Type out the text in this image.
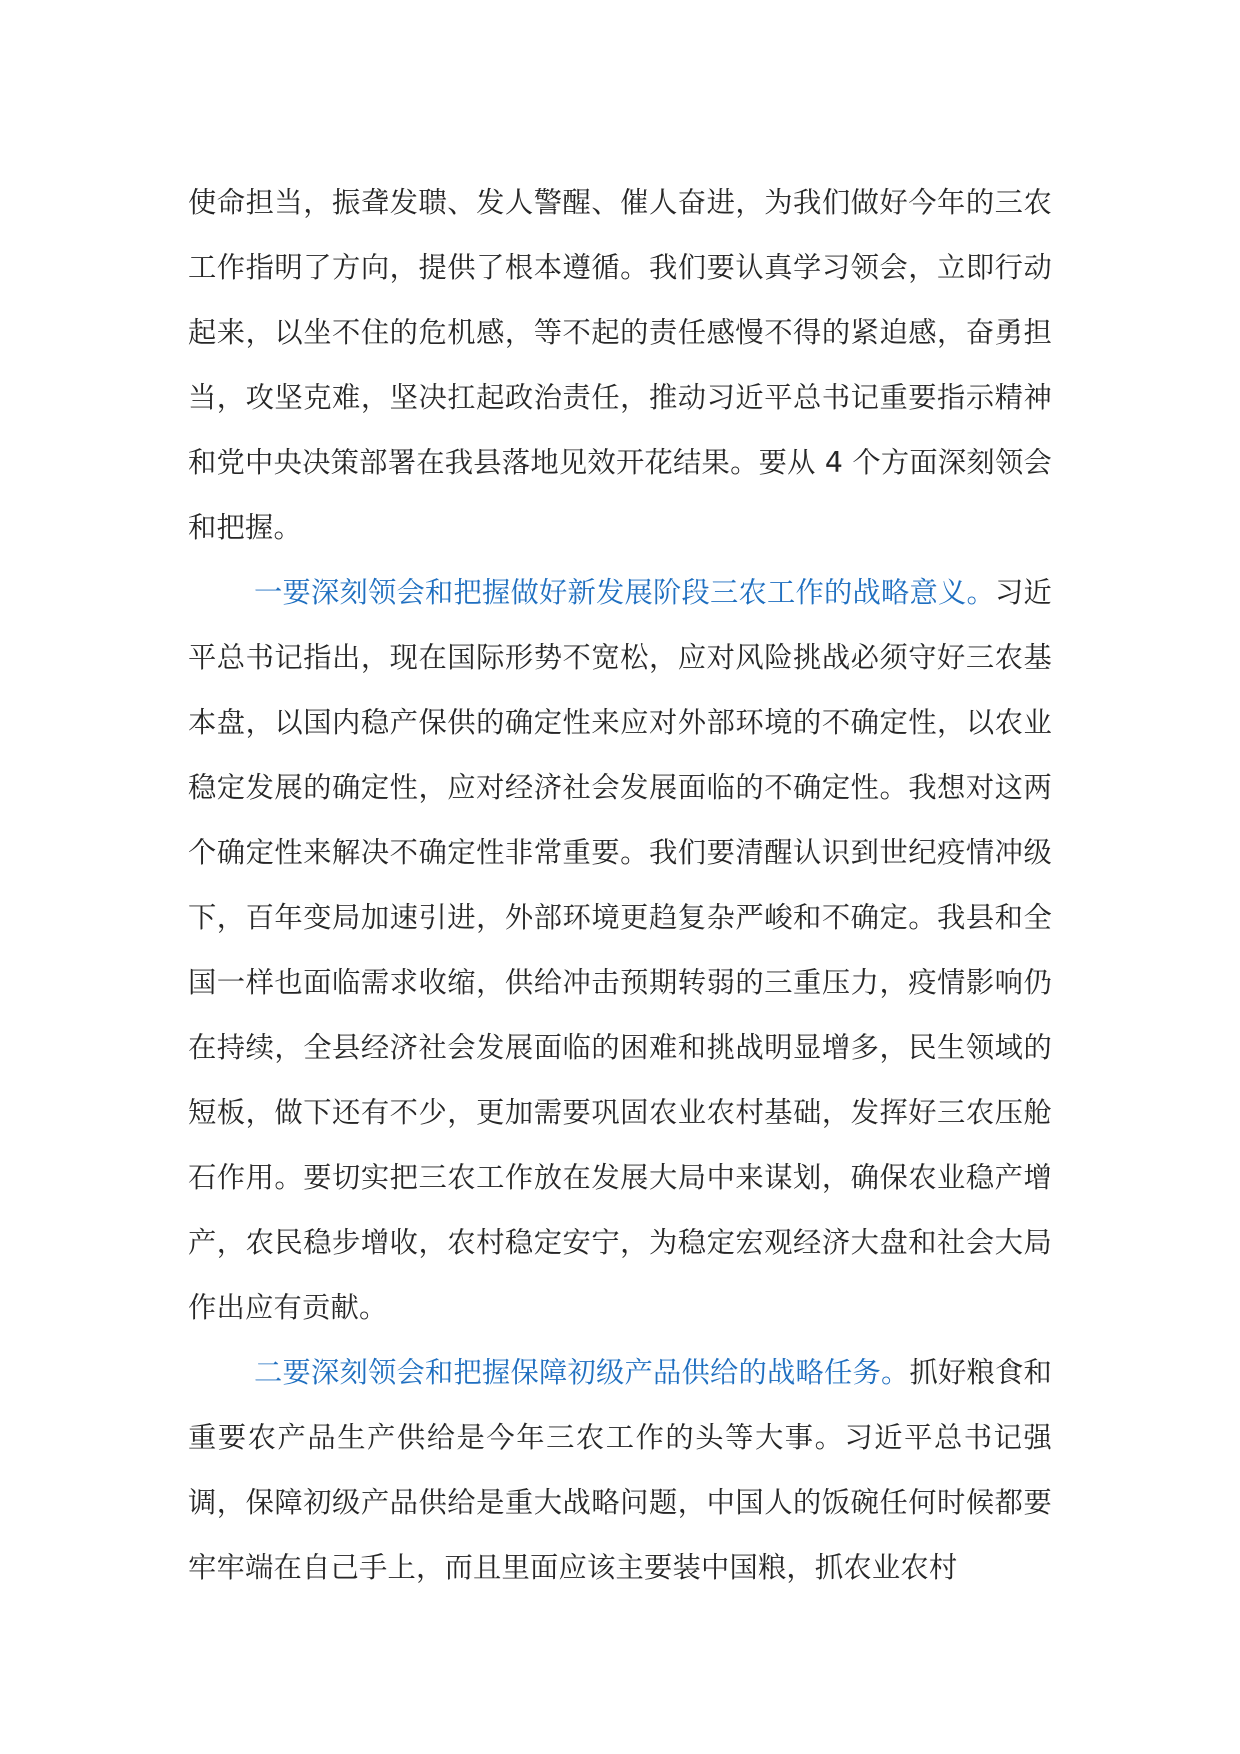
使命担当，振聋发聩、发人警醒、催人奋进，为我们做好今年的三农工作指明了方向，提供了根本遵循。我们要认真学习领会，立即行动起来，以坐不住的危机感，等不起的责任感慢不得的紧迫感，奋勇担当，攻坚克难，坚决扛起政治责任，推动习近平总书记重要指示精神和党中央决策部署在我县落地见效开花结果。要从 4 个方面深刻领会和把握。

一要深刻领会和把握做好新发展阶段三农工作的战略意义。习近平总书记指出，现在国际形势不宽松，应对风险挑战必须守好三农基本盘，以国内稳产保供的确定性来应对外部环境的不确定性，以农业稳定发展的确定性，应对经济社会发展面临的不确定性。我想对这两个确定性来解决不确定性非常重要。我们要清醒认识到世纪疫情冲级下，百年变局加速引进，外部环境更趋复杂严峻和不确定。我县和全国一样也面临需求收缩，供给冲击预期转弱的三重压力，疫情影响仍在持续，全县经济社会发展面临的困难和挑战明显增多，民生领域的短板，做下还有不少，更加需要巩固农业农村基础，发挥好三农压舱石作用。要切实把三农工作放在发展大局中来谋划，确保农业稳产增产，农民稳步增收，农村稳定安宁，为稳定宏观经济大盘和社会大局作出应有贡献。

二要深刻领会和把握保障初级产品供给的战略任务。抓好粮食和重要农产品生产供给是今年三农工作的头等大事。习近平总书记强调，保障初级产品供给是重大战略问题，中国人的饭碗任何时候都要牢牢端在自己手上，而且里面应该主要装中国粮，抓农业农村
